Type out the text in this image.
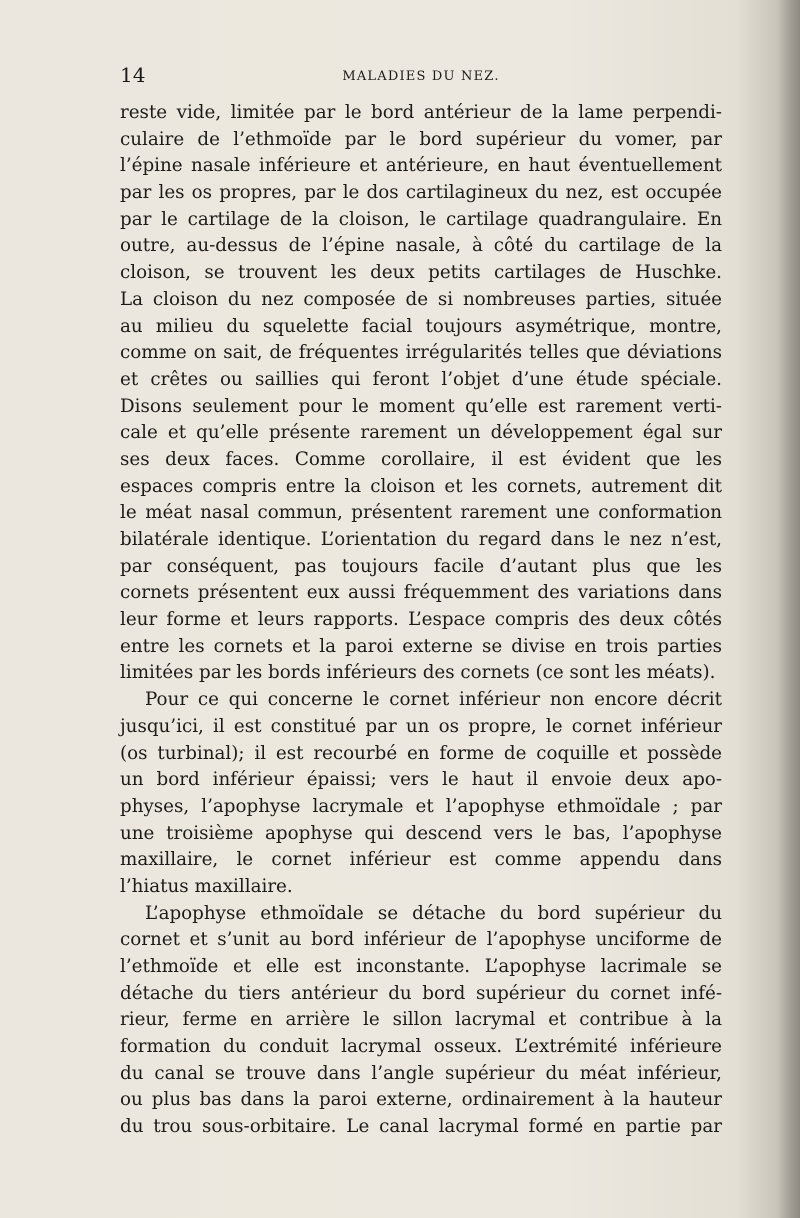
14	MALADIES DU NEZ.

reste vide, limitée par le bord antérieur de la lame perpendi-
culaire de l’ethmoïde par le bord supérieur du vomer, par
l’épine nasale inférieure et antérieure, en haut éventuellement
par les os propres, par le dos cartilagineux du nez, est occupée
par le cartilage de la cloison, le cartilage quadrangulaire. En
outre, au-dessus de l’épine nasale, à côté du cartilage de la
cloison, se trouvent les deux petits cartilages de Huschke.
La cloison du nez composée de si nombreuses parties, située
au milieu du squelette facial toujours asymétrique, montre,
comme on sait, de fréquentes irrégularités telles que déviations
et crêtes ou saillies qui feront l’objet d’une étude spéciale.
Disons seulement pour le moment qu’elle est rarement verti-
cale et qu’elle présente rarement un développement égal sur
ses deux faces. Comme corollaire, il est évident que les
espaces compris entre la cloison et les cornets, autrement dit
le méat nasal commun, présentent rarement une conformation
bilatérale identique. L’orientation du regard dans le nez n’est,
par conséquent, pas toujours facile d’autant plus que les
cornets présentent eux aussi fréquemment des variations dans
leur forme et leurs rapports. L’espace compris des deux côtés
entre les cornets et la paroi externe se divise en trois parties
limitées par les bords inférieurs des cornets (ce sont les méats).

Pour ce qui concerne le cornet inférieur non encore décrit
jusqu’ici, il est constitué par un os propre, le cornet inférieur
(os turbinal); il est recourbé en forme de coquille et possède
un bord inférieur épaissi; vers le haut il envoie deux apo-
physes, l’apophyse lacrymale et l’apophyse ethmoïdale ; par
une troisième apophyse qui descend vers le bas, l’apophyse
maxillaire, le cornet inférieur est comme appendu dans
l’hiatus maxillaire.

L’apophyse ethmoïdale se détache du bord supérieur du
cornet et s’unit au bord inférieur de l’apophyse unciforme de
l’ethmoïde et elle est inconstante. L’apophyse lacrimale se
détache du tiers antérieur du bord supérieur du cornet infé-
rieur, ferme en arrière le sillon lacrymal et contribue à la
formation du conduit lacrymal osseux. L’extrémité inférieure
du canal se trouve dans l’angle supérieur du méat inférieur,
ou plus bas dans la paroi externe, ordinairement à la hauteur
du trou sous-orbitaire. Le canal lacrymal formé en partie par
